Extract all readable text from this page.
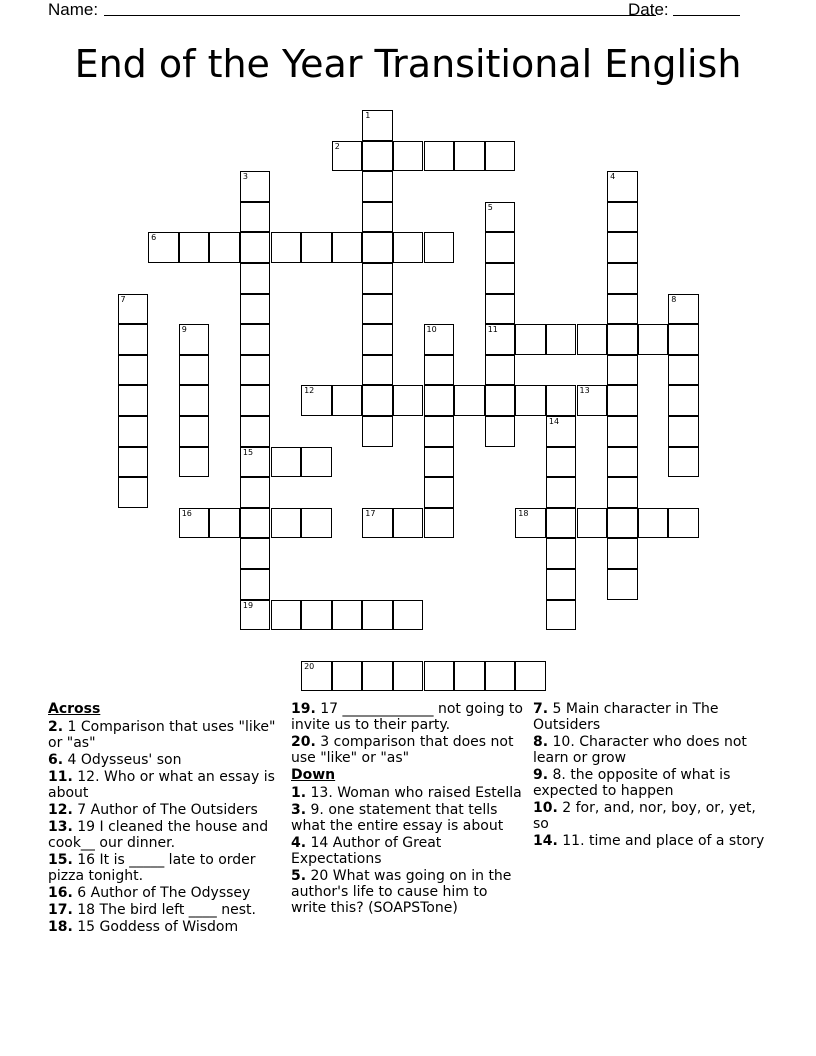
Name:	Date:
End of the Year Transitional English
1
2
3
15
19
4
5
11
6
7	8
9	10
12	13
14
16	17	18
20
Across
2. 1 Comparison that uses "like" or "as"
6. 4 Odysseus' son
11. 12. Who or what an essay is about
12. 7 Author of The Outsiders
13. 19 I cleaned the house and cook__ our dinner.
15. 16 It is _____ late to order pizza tonight.
16. 6 Author of The Odyssey
17. 18 The bird left ____ nest.
18. 15 Goddess of Wisdom
19. 17 _____________ not going to invite us to their party.
20. 3 comparison that does not use "like" or "as"
Down
1. 13. Woman who raised Estella
3. 9. one statement that tells what the entire essay is about
4. 14 Author of Great Expectations
5. 20 What was going on in the author's life to cause him to write this? (SOAPSTone)
7. 5 Main character in The Outsiders
8. 10. Character who does not learn or grow
9. 8. the opposite of what is expected to happen
10. 2 for, and, nor, boy, or, yet, so
14. 11. time and place of a story
